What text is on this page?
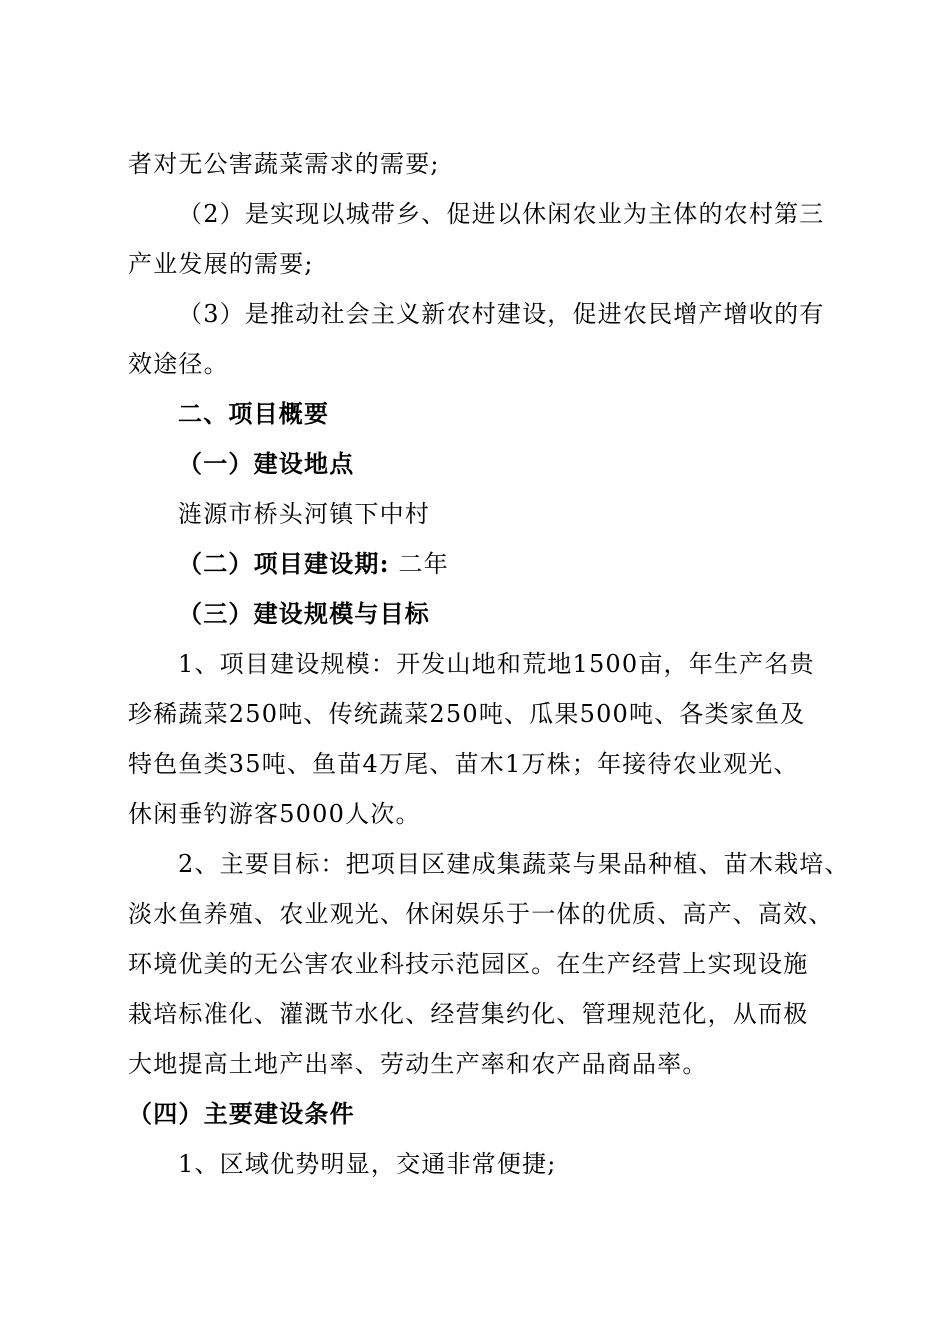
者对无公害蔬菜需求的需要;
（2）是实现以城带乡、促进以休闲农业为主体的农村第三
产业发展的需要;
（3）是推动社会主义新农村建设，促进农民增产增收的有
效途径。
二、项目概要
（一）建设地点
涟源市桥头河镇下中村
（二）项目建设期: 二年
（三）建设规模与目标
1、项目建设规模：开发山地和荒地1500亩，年生产名贵
珍稀蔬菜250吨、传统蔬菜250吨、瓜果500吨、各类家鱼及
特色鱼类35吨、鱼苗4万尾、苗木1万株；年接待农业观光、
休闲垂钓游客5000人次。
2、主要目标：把项目区建成集蔬菜与果品种植、苗木栽培、
淡水鱼养殖、农业观光、休闲娱乐于一体的优质、高产、高效、
环境优美的无公害农业科技示范园区。在生产经营上实现设施
栽培标准化、灌溉节水化、经营集约化、管理规范化，从而极
大地提高土地产出率、劳动生产率和农产品商品率。
（四）主要建设条件
1、区域优势明显，交通非常便捷;
